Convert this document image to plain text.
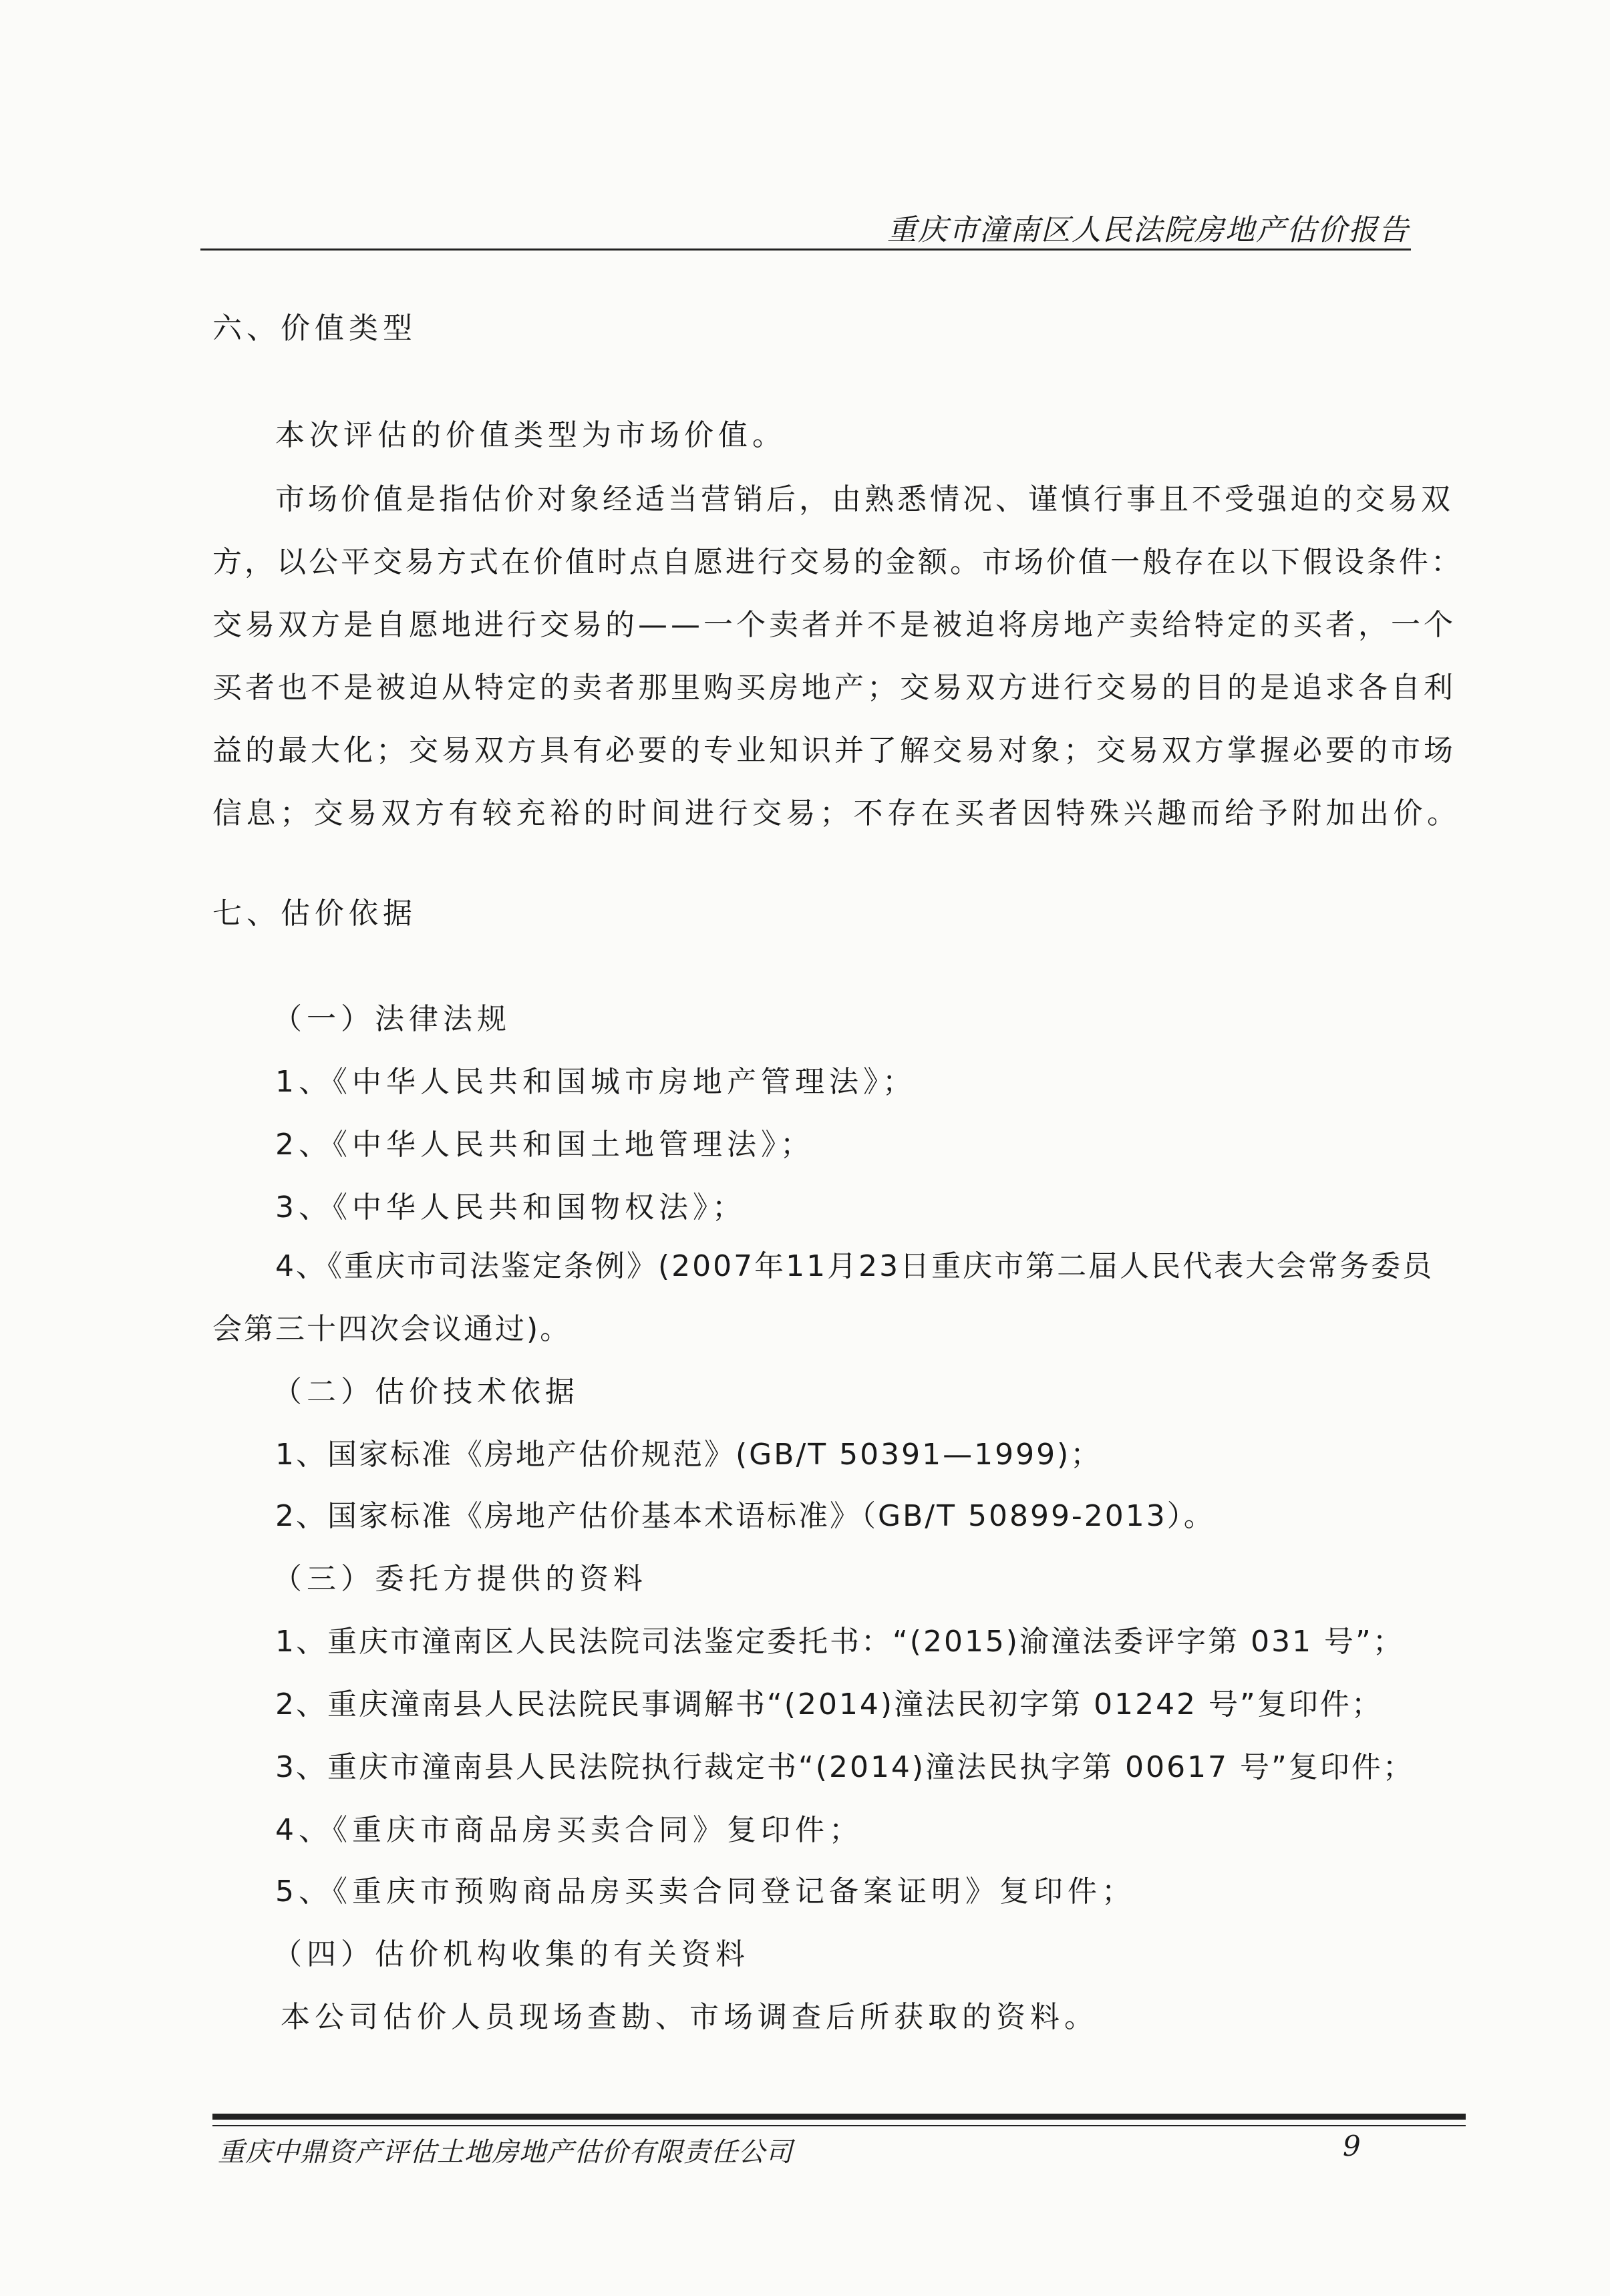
重庆市潼南区人民法院房地产估价报告
六、价值类型
本次评估的价值类型为市场价值。
市场价值是指估价对象经适当营销后，由熟悉情况、谨慎行事且不受强迫的交易双
方，以公平交易方式在价值时点自愿进行交易的金额。市场价值一般存在以下假设条件：
交易双方是自愿地进行交易的——一个卖者并不是被迫将房地产卖给特定的买者，一个
买者也不是被迫从特定的卖者那里购买房地产；交易双方进行交易的目的是追求各自利
益的最大化；交易双方具有必要的专业知识并了解交易对象；交易双方掌握必要的市场
信息；交易双方有较充裕的时间进行交易；不存在买者因特殊兴趣而给予附加出价。
七、估价依据
（一）法律法规
1、《中华人民共和国城市房地产管理法》；
2、《中华人民共和国土地管理法》；
3、《中华人民共和国物权法》；
4、《重庆市司法鉴定条例》(2007年11月23日重庆市第二届人民代表大会常务委员
会第三十四次会议通过)。
（二）估价技术依据
1、国家标准《房地产估价规范》(GB/T 50391—1999)；
2、国家标准《房地产估价基本术语标准》（GB/T 50899-2013）。
（三）委托方提供的资料
1、重庆市潼南区人民法院司法鉴定委托书：“(2015)渝潼法委评字第 031 号”；
2、重庆潼南县人民法院民事调解书“(2014)潼法民初字第 01242 号”复印件；
3、重庆市潼南县人民法院执行裁定书“(2014)潼法民执字第 00617 号”复印件；
4、《重庆市商品房买卖合同》复印件；
5、《重庆市预购商品房买卖合同登记备案证明》复印件；
（四）估价机构收集的有关资料
本公司估价人员现场查勘、市场调查后所获取的资料。
重庆中鼎资产评估土地房地产估价有限责任公司	9
